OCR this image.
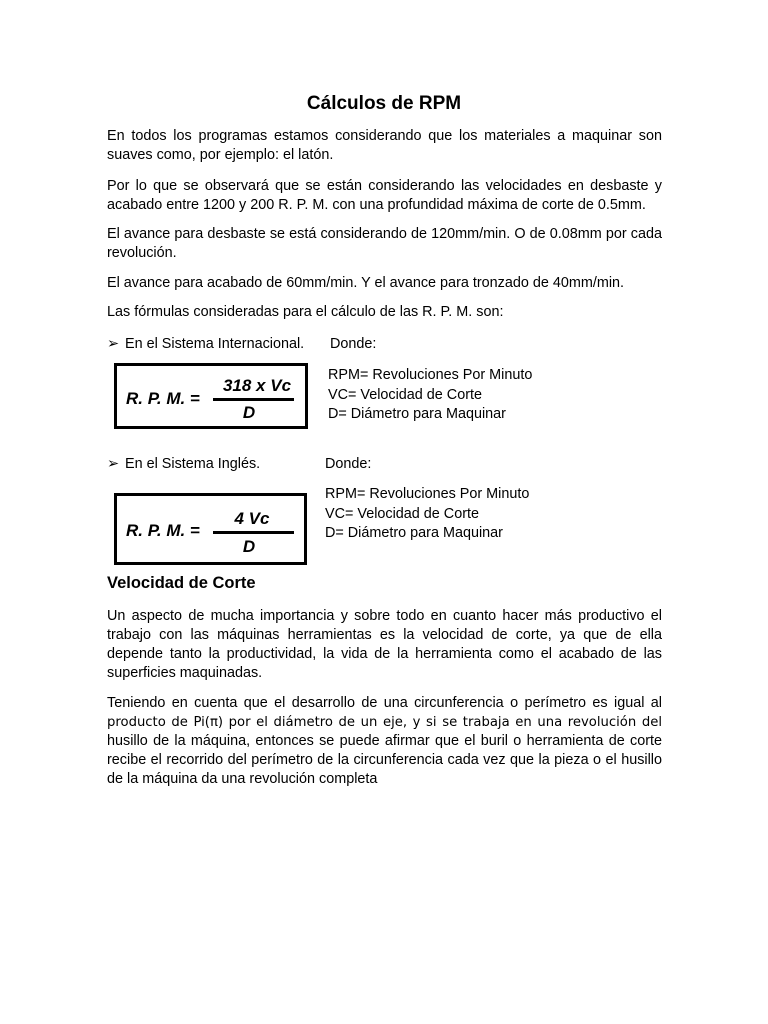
Cálculos de RPM

En todos los programas estamos considerando que los materiales a maquinar son suaves como, por ejemplo: el latón.

Por lo que se observará que se están considerando las velocidades en desbaste y acabado entre 1200 y 200 R. P. M. con una profundidad máxima de corte de 0.5mm.

El avance para desbaste se está considerando de 120mm/min. O de 0.08mm por cada revolución.

El avance para acabado de 60mm/min. Y el avance para tronzado de 40mm/min.

Las fórmulas consideradas para el cálculo de las R. P. M. son:

➢ En el Sistema Internacional. Donde:
R. P. M. =
318 x Vc
D
RPM= Revoluciones Por Minuto
VC= Velocidad de Corte
D= Diámetro para Maquinar
➢ En el Sistema Inglés.	Donde:
R. P. M. =
4 Vc
D
RPM= Revoluciones Por Minuto
VC= Velocidad de Corte
D= Diámetro para Maquinar
Velocidad de Corte

Un aspecto de mucha importancia y sobre todo en cuanto hacer más productivo el trabajo con las máquinas herramientas es la velocidad de corte, ya que de ella depende tanto la productividad, la vida de la herramienta como el acabado de las superficies maquinadas.

Teniendo en cuenta que el desarrollo de una circunferencia o perímetro es igual al producto de Pi(π) por el diámetro de un eje, y si se trabaja en una revolución del husillo de la máquina, entonces se puede afirmar que el buril o herramienta de corte recibe el recorrido del perímetro de la circunferencia cada vez que la pieza o el husillo de la máquina da una revolución completa
